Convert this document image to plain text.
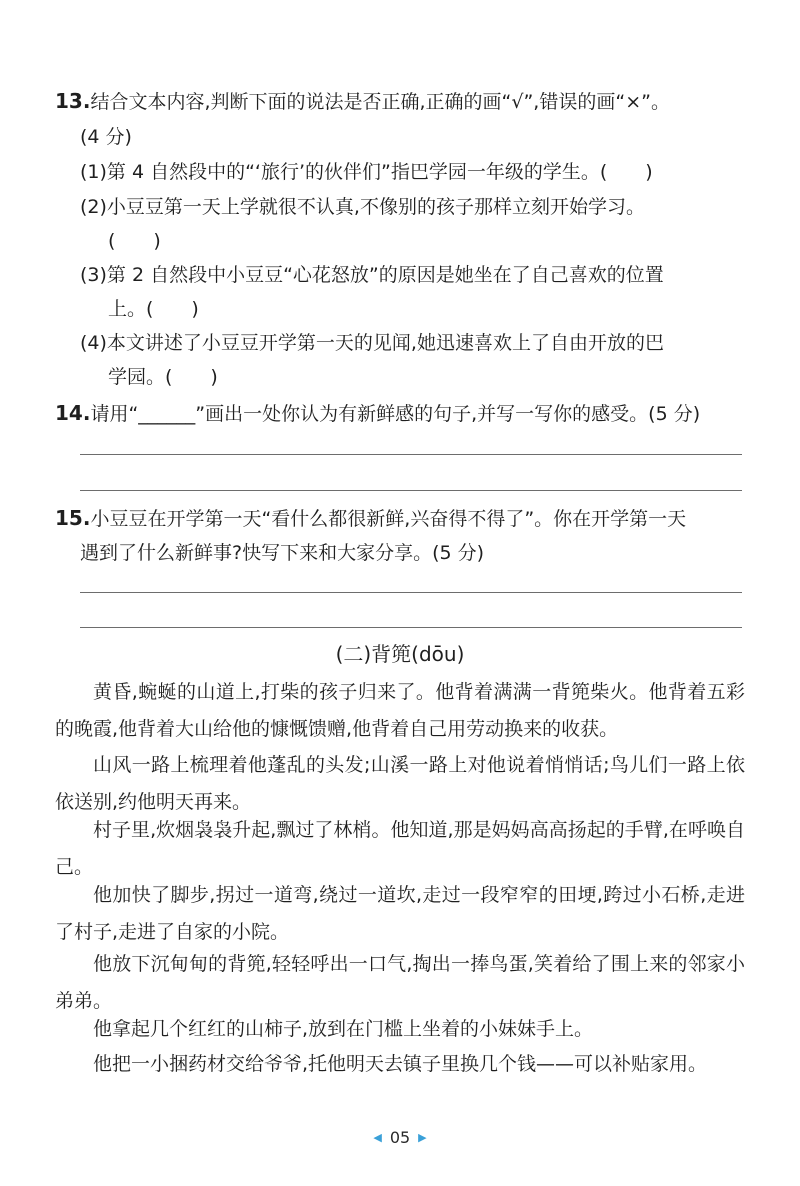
13.结合文本内容,判断下面的说法是否正确,正确的画“√”,错误的画“×”。
(4 分)
(1)第 4 自然段中的“‘旅行’的伙伴们”指巴学园一年级的学生。(　　)
(2)小豆豆第一天上学就很不认真,不像别的孩子那样立刻开始学习。
(　　)
(3)第 2 自然段中小豆豆“心花怒放”的原因是她坐在了自己喜欢的位置
上。(　　)
(4)本文讲述了小豆豆开学第一天的见闻,她迅速喜欢上了自由开放的巴
学园。(　　)
14.请用“______”画出一处你认为有新鲜感的句子,并写一写你的感受。(5 分)
15.小豆豆在开学第一天“看什么都很新鲜,兴奋得不得了”。你在开学第一天
遇到了什么新鲜事?快写下来和大家分享。(5 分)
(二)背篼(dōu)
黄昏,蜿蜒的山道上,打柴的孩子归来了。他背着满满一背篼柴火。他背着五彩的晚霞,他背着大山给他的慷慨馈赠,他背着自己用劳动换来的收获。
山风一路上梳理着他蓬乱的头发;山溪一路上对他说着悄悄话;鸟儿们一路上依依送别,约他明天再来。
村子里,炊烟袅袅升起,飘过了林梢。他知道,那是妈妈高高扬起的手臂,在呼唤自己。
他加快了脚步,拐过一道弯,绕过一道坎,走过一段窄窄的田埂,跨过小石桥,走进了村子,走进了自家的小院。
他放下沉甸甸的背篼,轻轻呼出一口气,掏出一捧鸟蛋,笑着给了围上来的邻家小弟弟。
他拿起几个红红的山柿子,放到在门槛上坐着的小妹妹手上。
他把一小捆药材交给爷爷,托他明天去镇子里换几个钱——可以补贴家用。
◀ 05 ▶
